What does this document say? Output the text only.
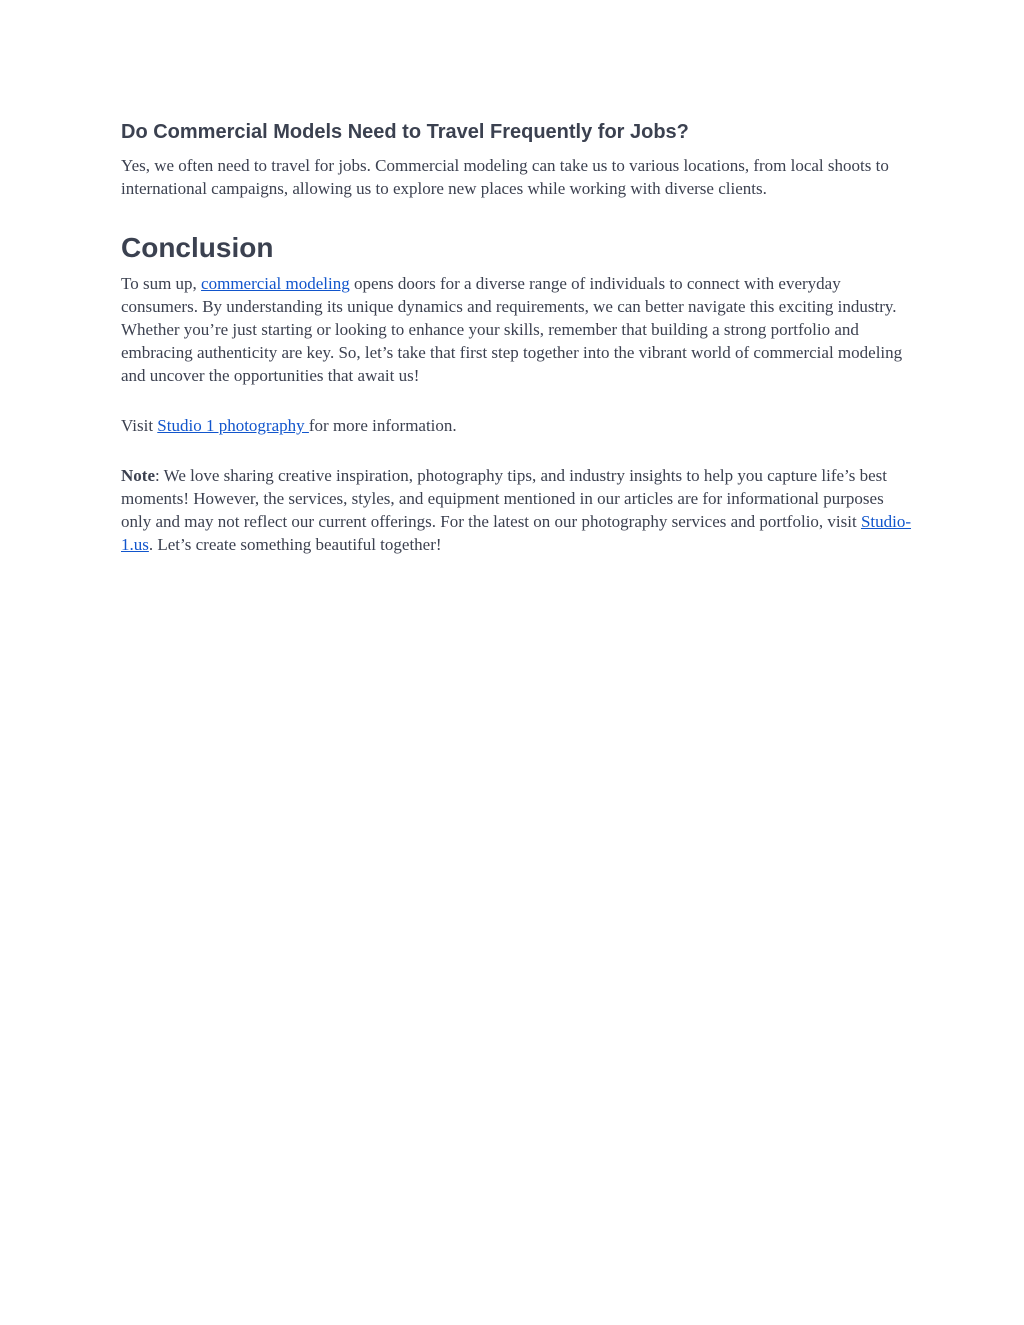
Do Commercial Models Need to Travel Frequently for Jobs?

Yes, we often need to travel for jobs. Commercial modeling can take us to various locations, from local shoots to international campaigns, allowing us to explore new places while working with diverse clients.

Conclusion

To sum up, commercial modeling opens doors for a diverse range of individuals to connect with everyday consumers. By understanding its unique dynamics and requirements, we can better navigate this exciting industry. Whether you’re just starting or looking to enhance your skills, remember that building a strong portfolio and embracing authenticity are key. So, let’s take that first step together into the vibrant world of commercial modeling and uncover the opportunities that await us!

Visit Studio 1 photography for more information.

Note: We love sharing creative inspiration, photography tips, and industry insights to help you capture life’s best moments! However, the services, styles, and equipment mentioned in our articles are for informational purposes only and may not reflect our current offerings. For the latest on our photography services and portfolio, visit Studio-1.us. Let’s create something beautiful together!
